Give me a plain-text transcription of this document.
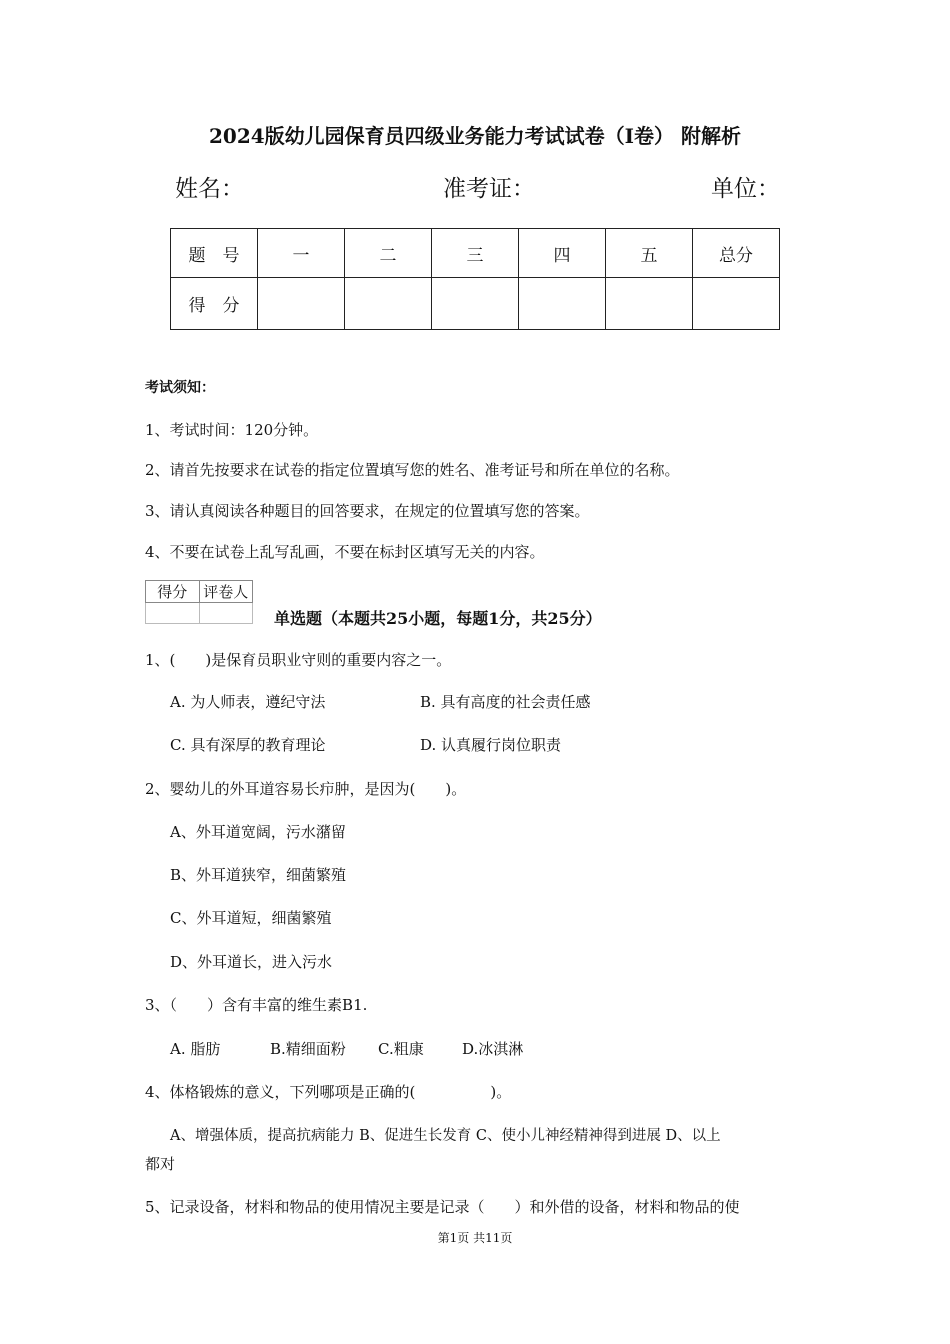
2024版幼儿园保育员四级业务能力考试试卷（I卷） 附解析
姓名：	准考证：	单位：
题　号	一	二	三	四	五	总分
得　分						
考试须知：
1、考试时间：120分钟。
2、请首先按要求在试卷的指定位置填写您的姓名、准考证号和所在单位的名称。
3、请认真阅读各种题目的回答要求，在规定的位置填写您的答案。
4、不要在试卷上乱写乱画，不要在标封区填写无关的内容。
得分	评卷人

单选题（本题共25小题，每题1分，共25分）
1、(　　)是保育员职业守则的重要内容之一。
A. 为人师表，遵纪守法	B. 具有高度的社会责任感
C. 具有深厚的教育理论	D. 认真履行岗位职责
2、婴幼儿的外耳道容易长疖肿，是因为(　　)。
A、外耳道宽阔，污水潴留
B、外耳道狭窄，细菌繁殖
C、外耳道短，细菌繁殖
D、外耳道长，进入污水
3、（　　）含有丰富的维生素B1.
A. 脂肪	B.精细面粉 C.粗康	D.冰淇淋
4、体格锻炼的意义，下列哪项是正确的(　　　　　)。
A、增强体质，提高抗病能力 B、促进生长发育 C、使小儿神经精神得到进展 D、以上
都对
5、记录设备，材料和物品的使用情况主要是记录（　　）和外借的设备，材料和物品的使
第1页 共11页
